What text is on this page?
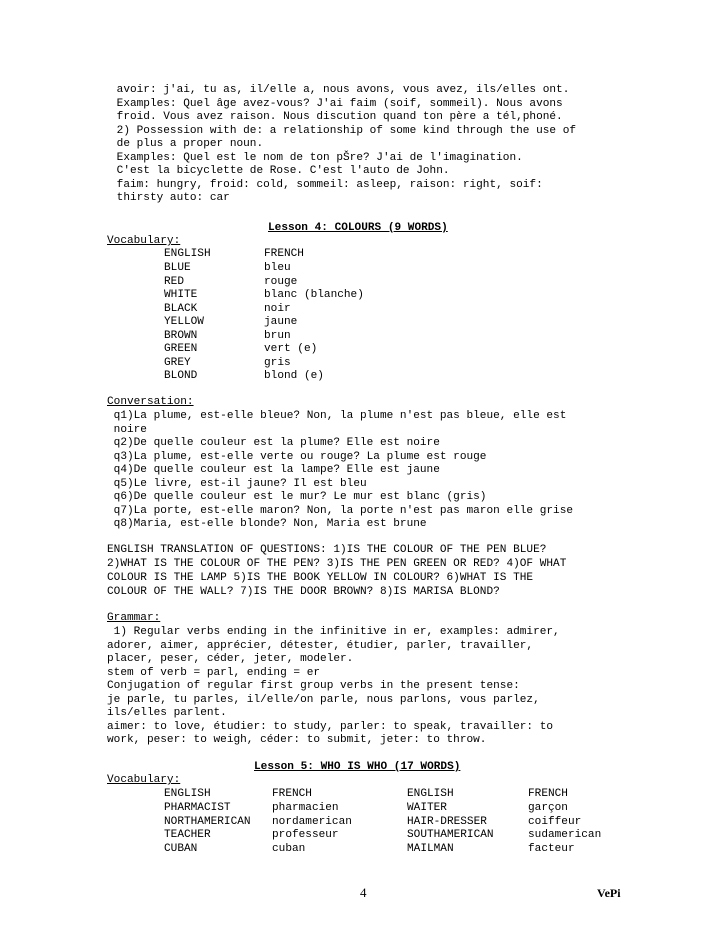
avoir: j'ai, tu as, il/elle a, nous avons, vous avez, ils/elles ont.
Examples: Quel âge avez-vous? J'ai faim (soif, sommeil). Nous avons
froid. Vous avez raison. Nous discution quand ton père a tél,phoné.
2) Possession with de: a relationship of some kind through the use of
de plus a proper noun.
Examples: Quel est le nom de ton pŠre? J'ai de l'imagination.
C'est la bicyclette de Rose. C'est l'auto de John.
faim: hungry, froid: cold, sommeil: asleep, raison: right, soif:
thirsty auto: car
Lesson 4: COLOURS (9 WORDS)
Vocabulary:
ENGLISH	FRENCH
BLUE	bleu
RED	rouge
WHITE	blanc (blanche)
BLACK	noir
YELLOW	jaune
BROWN	brun
GREEN	vert (e)
GREY	gris
BLOND	blond (e)
Conversation:
q1)La plume, est-elle bleue? Non, la plume n'est pas bleue, elle est
noire
q2)De quelle couleur est la plume? Elle est noire
q3)La plume, est-elle verte ou rouge? La plume est rouge
q4)De quelle couleur est la lampe? Elle est jaune
q5)Le livre, est-il jaune? Il est bleu
q6)De quelle couleur est le mur? Le mur est blanc (gris)
q7)La porte, est-elle maron? Non, la porte n'est pas maron elle grise
q8)Maria, est-elle blonde? Non, Maria est brune
ENGLISH TRANSLATION OF QUESTIONS: 1)IS THE COLOUR OF THE PEN BLUE?
2)WHAT IS THE COLOUR OF THE PEN? 3)IS THE PEN GREEN OR RED? 4)OF WHAT
COLOUR IS THE LAMP 5)IS THE BOOK YELLOW IN COLOUR? 6)WHAT IS THE
COLOUR OF THE WALL? 7)IS THE DOOR BROWN? 8)IS MARISA BLOND?
Grammar:
1) Regular verbs ending in the infinitive in er, examples: admirer,
adorer, aimer, apprécier, détester, étudier, parler, travailler,
placer, peser, céder, jeter, modeler.
stem of verb = parl, ending = er
Conjugation of regular first group verbs in the present tense:
je parle, tu parles, il/elle/on parle, nous parlons, vous parlez,
ils/elles parlent.
aimer: to love, étudier: to study, parler: to speak, travailler: to
work, peser: to weigh, céder: to submit, jeter: to throw.
Lesson 5: WHO IS WHO (17 WORDS)
Vocabulary:
ENGLISH	FRENCH	ENGLISH	FRENCH
PHARMACIST	pharmacien	WAITER	garçon
NORTHAMERICAN nordamerican	HAIR-DRESSER	coiffeur
TEACHER	professeur	SOUTHAMERICAN	sudamerican
CUBAN	cuban	MAILMAN	facteur
4	VePi
